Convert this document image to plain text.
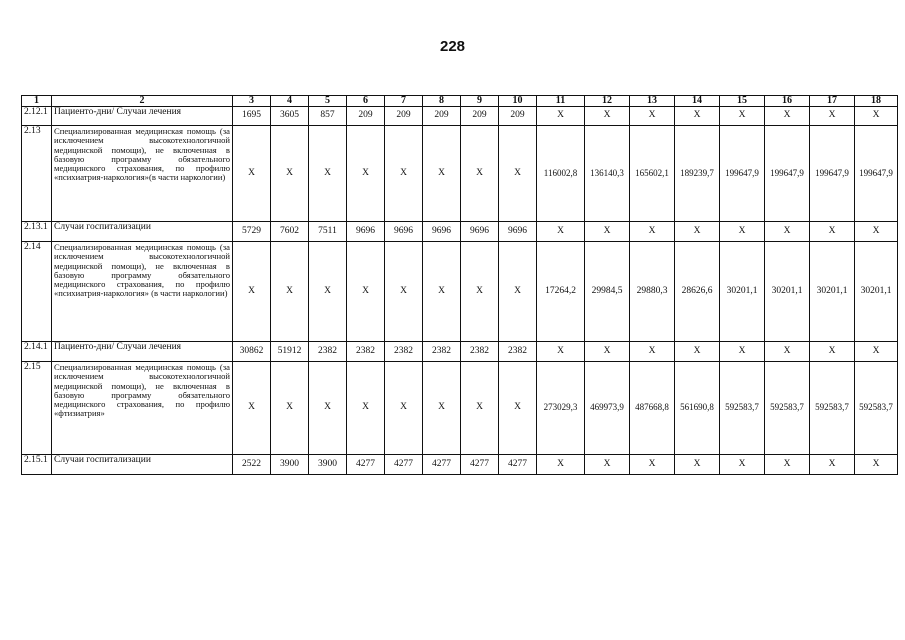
228
1	2	3	4	5	6	7	8	9	10	11	12	13	14	15	16	17	18
2.12.1	Пациенто-дни/ Случаи лечения	1695	3605	857	209	209	209	209	209	X	X	X	X	X	X	X	X
2.13	Специализированная медицинская помощь (за исключением высокотехнологичной медицинской помощи), не включенная в базовую программу обязательного медицинского страхования, по профилю «психиатрия-наркология»(в части наркологии)	X	X	X	X	X	X	X	X	116002,8	136140,3	165602,1	189239,7	199647,9	199647,9	199647,9	199647,9
2.13.1	Случаи госпитализации	5729	7602	7511	9696	9696	9696	9696	9696	X	X	X	X	X	X	X	X
2.14	Специализированная медицинская помощь (за исключением высокотехнологичной медицинской помощи), не включенная в базовую программу обязательного медицинского страхования, по профилю «психиатрия-наркология» (в части наркологии)	X	X	X	X	X	X	X	X	17264,2	29984,5	29880,3	28626,6	30201,1	30201,1	30201,1	30201,1
2.14.1	Пациенто-дни/ Случаи лечения	30862	51912	2382	2382	2382	2382	2382	2382	X	X	X	X	X	X	X	X
2.15	Специализированная медицинская помощь (за исключением высокотехнологичной медицинской помощи), не включенная в базовую программу обязательного медицинского страхования, по профилю «фтизиатрия»	X	X	X	X	X	X	X	X	273029,3	469973,9	487668,8	561690,8	592583,7	592583,7	592583,7	592583,7
2.15.1	Случаи госпитализации	2522	3900	3900	4277	4277	4277	4277	4277	X	X	X	X	X	X	X	X
